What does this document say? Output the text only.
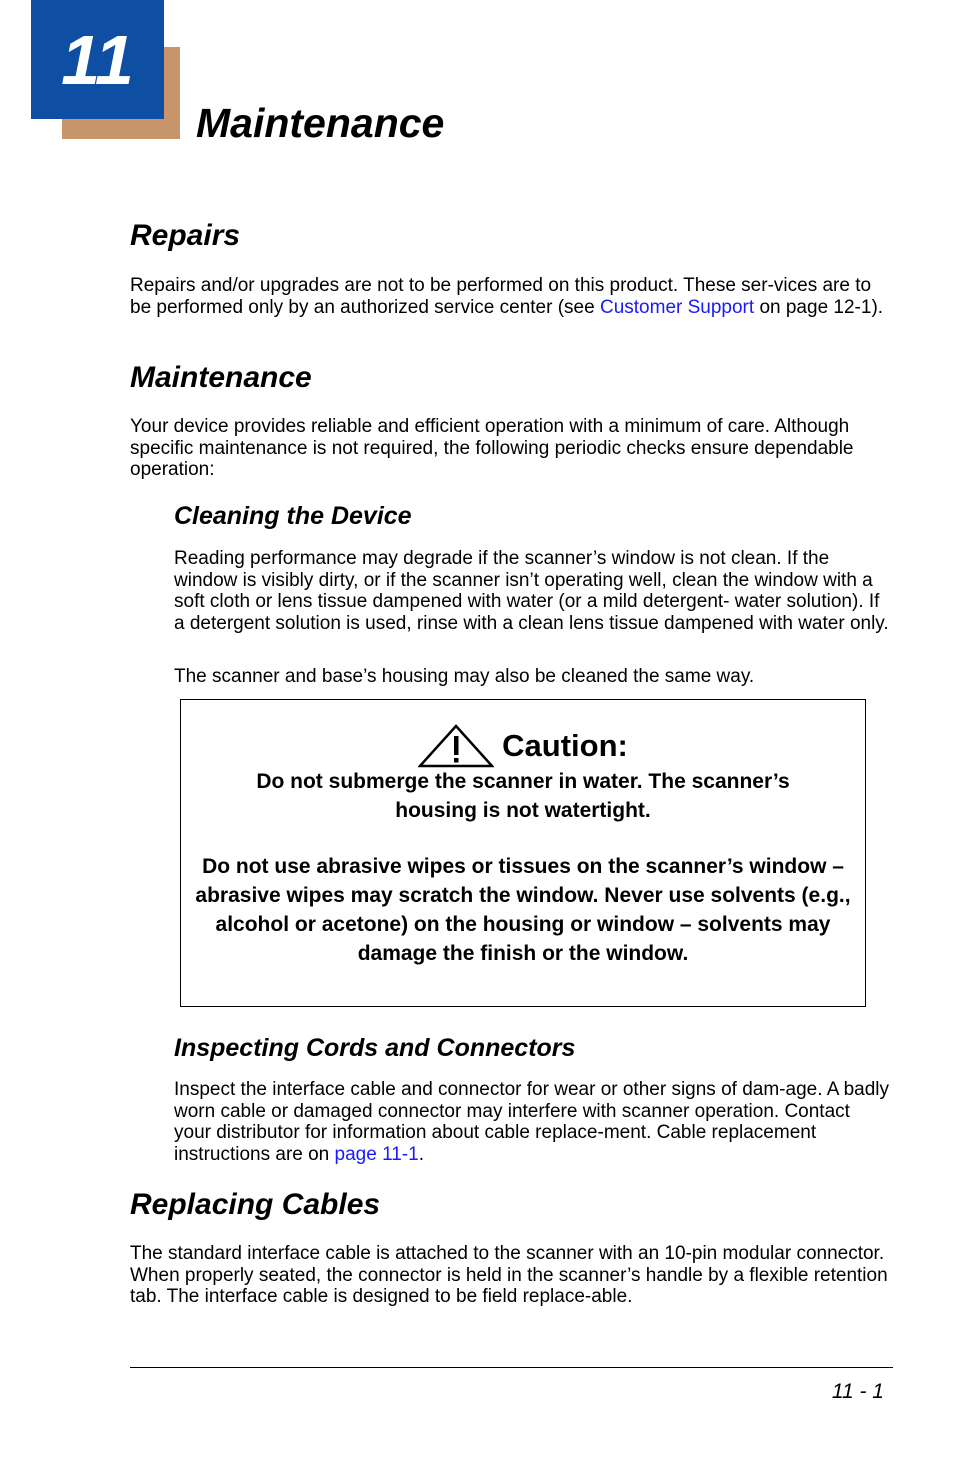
11
Maintenance
Repairs

Repairs and/or upgrades are not to be performed on this product. These ser-vices are to be performed only by an authorized service center (see Customer Support on page 12-1).

Maintenance

Your device provides reliable and efficient operation with a minimum of care. Although specific maintenance is not required, the following periodic checks ensure dependable operation:

Cleaning the Device

Reading performance may degrade if the scanner’s window is not clean. If the window is visibly dirty, or if the scanner isn’t operating well, clean the window with a soft cloth or lens tissue dampened with water (or a mild detergent- water solution). If a detergent solution is used, rinse with a clean lens tissue dampened with water only.

The scanner and base’s housing may also be cleaned the same way.

Caution:

Do not submerge the scanner in water. The scanner’s housing is not watertight.

Do not use abrasive wipes or tissues on the scanner’s window – abrasive wipes may scratch the window. Never use solvents (e.g., alcohol or acetone) on the housing or window – solvents may damage the finish or the window.

Inspecting Cords and Connectors

Inspect the interface cable and connector for wear or other signs of dam-age. A badly worn cable or damaged connector may interfere with scanner operation. Contact your distributor for information about cable replace-ment. Cable replacement instructions are on page 11-1.

Replacing Cables

The standard interface cable is attached to the scanner with an 10-pin modular connector. When properly seated, the connector is held in the scanner’s handle by a flexible retention tab. The interface cable is designed to be field replace-able.

11 - 1
